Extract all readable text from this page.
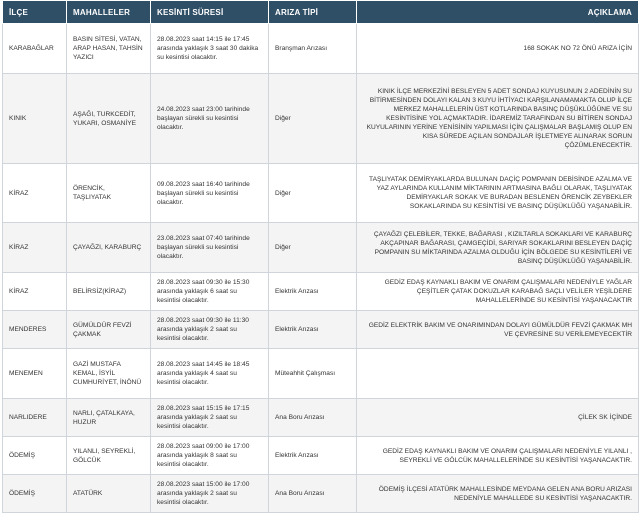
İLÇE	MAHALLELER	KESİNTİ SÜRESİ	ARIZA TİPİ	AÇIKLAMA
KARABAĞLAR	BASIN SİTESİ, VATAN, ARAP HASAN, TAHSİN YAZICI	28.08.2023 saat 14:15 ile 17:45 arasında yaklaşık 3 saat 30 dakika su kesintisi olacaktır.	Branşman Arızası	168 SOKAK NO 72 ÖNÜ ARIZA İÇİN
KINIK	AŞAĞI, TURKCEDİT, YUKARI, OSMANİYE	24.08.2023 saat 23:00 tarihinde başlayan sürekli su kesintisi olacaktır.	Diğer	KINIK İLÇE MERKEZİNİ BESLEYEN 5 ADET SONDAJ KUYUSUNUN 2 ADEDİNİN SU BİTİRMESİNDEN DOLAYI KALAN 3 KUYU İHTİYACI KARŞILANAMAMAKTA OLUP İLÇE MERKEZ MAHALLELERİN ÜST KOTLARINDA BASINÇ DÜŞÜKLÜĞÜNE VE SU KESİNTİSİNE YOL AÇMAKTADIR. İDAREMİZ TARAFINDAN SU BİTİREN SONDAJ KUYULARININ YERİNE YENİSİNİN YAPILMASI İÇİN ÇALIŞMALAR BAŞLAMIŞ OLUP EN KISA SÜREDE AÇILAN SONDAJLAR İŞLETMEYE ALINARAK SORUN ÇÖZÜMLENECEKTİR.
KİRAZ	ÖRENCİK, TAŞLIYATAK	09.08.2023 saat 16:40 tarihinde başlayan sürekli su kesintisi olacaktır.	Diğer	TAŞLIYATAK DEMİRYAKLARDA BULUNAN DAÇİÇ POMPANIN DEBİSİNDE AZALMA VE YAZ AYLARINDA KULLANIM MİKTARININ ARTMASINA BAĞLI OLARAK, TAŞLIYATAK DEMİRYAKLAR SOKAK VE BURADAN BESLENEN ÖRENCİK ZEYBEKLER SOKAKLARINDA SU KESİNTİSİ VE BASINÇ DÜŞÜKLÜĞÜ YAŞANABİLİR.
KİRAZ	ÇAYAĞZI, KARABURÇ	23.08.2023 saat 07:40 tarihinde başlayan sürekli su kesintisi olacaktır.	Diğer	ÇAYAĞZI ÇELEBİLER, TEKKE, BAĞARASI , KIZILTARLA SOKAKLARI VE KARABURÇ AKÇAPINAR BAĞARASI, ÇAMGEÇİDİ, SARIYAR SOKAKLARINI BESLEYEN DAÇİÇ POMPANIN SU MİKTARINDA AZALMA OLDUĞU İÇİN BÖLGEDE SU KESİNTİLERİ VE BASINÇ DÜŞÜKLÜĞÜ YAŞANABİLİR.
KİRAZ	BELİRSİZ(KİRAZ)	28.08.2023 saat 09:30 ile 15:30 arasında yaklaşık 6 saat su kesintisi olacaktır.	Elektrik Arızası	GEDİZ EDAŞ KAYNAKLI BAKIM VE ONARIM ÇALIŞMALARI NEDENİYLE YAĞLAR ÇEŞİTLER ÇATAK DOKUZLAR KARABAĞ SAÇLI VELİLER YEŞİLDERE MAHALLELERİNDE SU KESİNTİSİ YAŞANACAKTIR
MENDERES	GÜMÜLDÜR FEVZİ ÇAKMAK	28.08.2023 saat 09:30 ile 11:30 arasında yaklaşık 2 saat su kesintisi olacaktır.	Elektrik Arızası	GEDİZ ELEKTRİK BAKIM VE ONARIMINDAN DOLAYI GÜMÜLDÜR FEVZİ ÇAKMAK MH VE ÇEVRESİNE SU VERİLEMEYECEKTİR
MENEMEN	GAZİ MUSTAFA KEMAL, İSYİL CUMHURİYET, İNÖNÜ	28.08.2023 saat 14:45 ile 18:45 arasında yaklaşık 4 saat su kesintisi olacaktır.	Müteahhit Çalışması	
NARLIDERE	NARLI, ÇATALKAYA, HUZUR	28.08.2023 saat 15:15 ile 17:15 arasında yaklaşık 2 saat su kesintisi olacaktır.	Ana Boru Arızası	ÇİLEK SK İÇİNDE
ÖDEMİŞ	YILANLI, SEYREKLİ, GÖLCÜK	28.08.2023 saat 09:00 ile 17:00 arasında yaklaşık 8 saat su kesintisi olacaktır.	Elektrik Arızası	GEDİZ EDAŞ KAYNAKLI BAKIM VE ONARIM ÇALIŞMALARI NEDENİYLE YILANLI , SEYREKLİ VE GÖLCÜK MAHALLELERİNDE SU KESİNTİSİ YAŞANACAKTIR.
ÖDEMİŞ	ATATÜRK	28.08.2023 saat 15:00 ile 17:00 arasında yaklaşık 2 saat su kesintisi olacaktır.	Ana Boru Arızası	ÖDEMİŞ İLÇESİ ATATÜRK MAHALLESİNDE MEYDANA GELEN ANA BORU ARIZASI NEDENİYLE MAHALLEDE SU KESİNTİSİ YAŞANACAKTIR.
